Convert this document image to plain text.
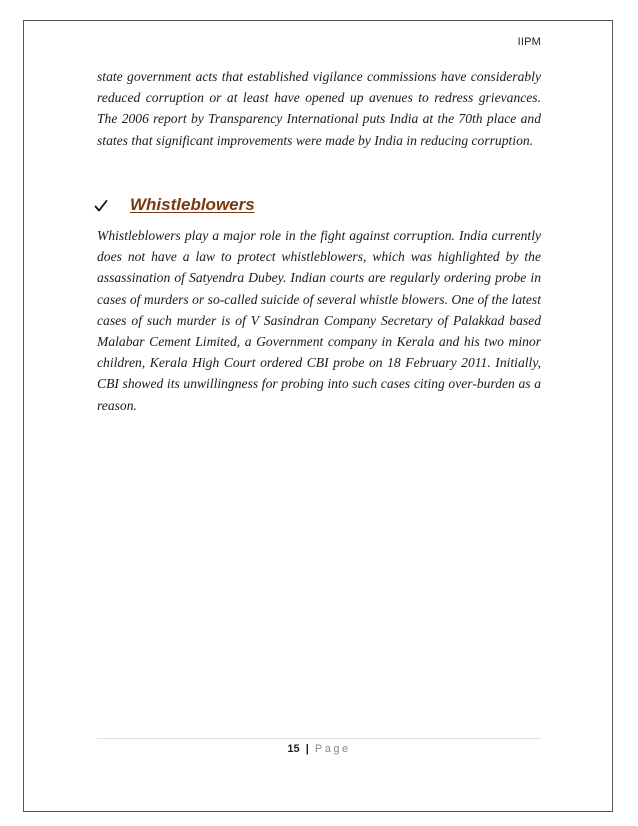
IIPM

state government acts that established vigilance commissions have considerably reduced corruption or at least have opened up avenues to redress grievances. The 2006 report by Transparency International puts India at the 70th place and states that significant improvements were made by India in reducing corruption.

Whistleblowers

Whistleblowers play a major role in the fight against corruption. India currently does not have a law to protect whistleblowers, which was highlighted by the assassination of Satyendra Dubey. Indian courts are regularly ordering probe in cases of murders or so-called suicide of several whistle blowers. One of the latest cases of such murder is of V Sasindran Company Secretary of Palakkad based Malabar Cement Limited, a Government company in Kerala and his two minor children, Kerala High Court ordered CBI probe on 18 February 2011. Initially, CBI showed its unwillingness for probing into such cases citing over-burden as a reason.

15 | Page
